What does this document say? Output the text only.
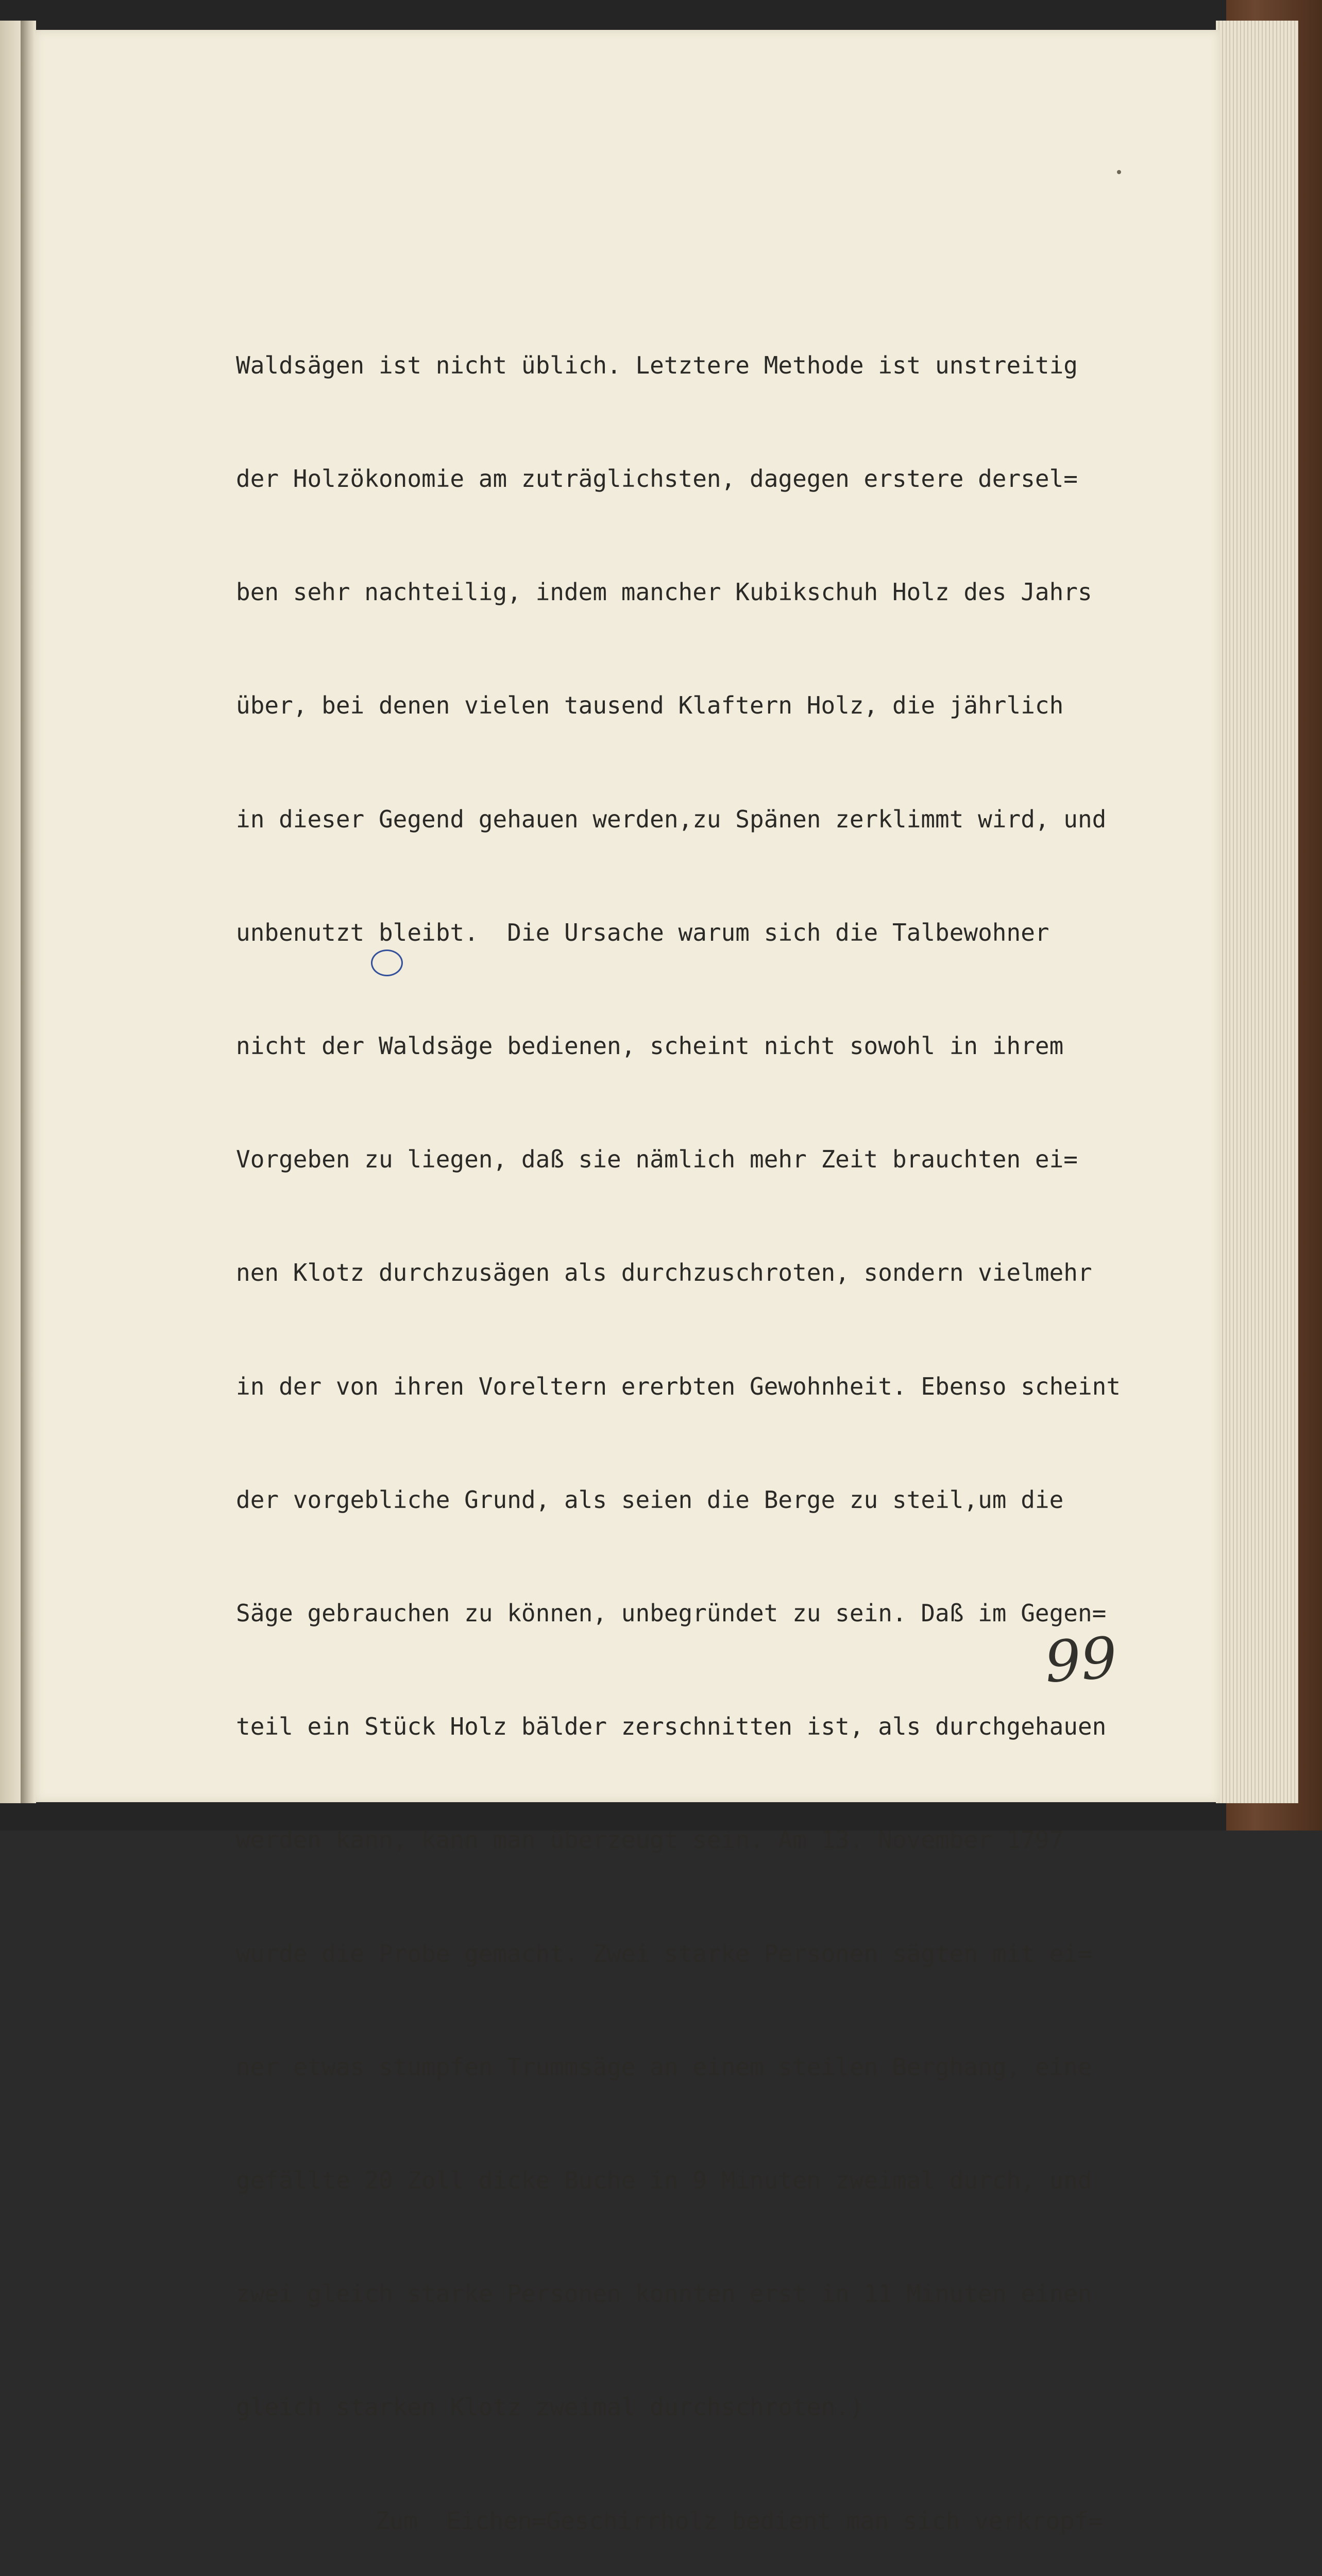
Waldsägen ist nicht üblich. Letztere Methode ist unstreitig

der Holzökonomie am zuträglichsten, dagegen erstere dersel=

ben sehr nachteilig, indem mancher Kubikschuh Holz des Jahrs

über, bei denen vielen tausend Klaftern Holz, die jährlich

in dieser Gegend gehauen werden,zu Spänen zerklimmt wird, und

unbenutzt bleibt.  Die Ursache warum sich die Talbewohner

nicht der Waldsäge bedienen, scheint nicht sowohl in ihrem

Vorgeben zu liegen, daß sie nämlich mehr Zeit brauchten ei=

nen Klotz durchzusägen als durchzuschroten, sondern vielmehr

in der von ihren Voreltern ererbten Gewohnheit. Ebenso scheint

der vorgebliche Grund, als seien die Berge zu steil,um die

Säge gebrauchen zu können, unbegründet zu sein. Daß im Gegen=

teil ein Stück Holz bälder zerschnitten ist, als durchgehauen

werden kann, kann man überzeugt sein. Am 13. November 1797

wurde die Probe gemacht. Zwei starke Personen sägten mit ei=

ner etwas stumpfen Trummsäge an einem steilen Berghang, eine

gefällte 20 Zoll dicke Buche in 9 Minuten zweimal durch, und

zwei gleich starke Personen konnten erst in 11 Minuten einen

gleich starken Klotz zweimal durchschroten.)

Zum  Eichen=Geschirrholz bedient man sich verkropf=

99
